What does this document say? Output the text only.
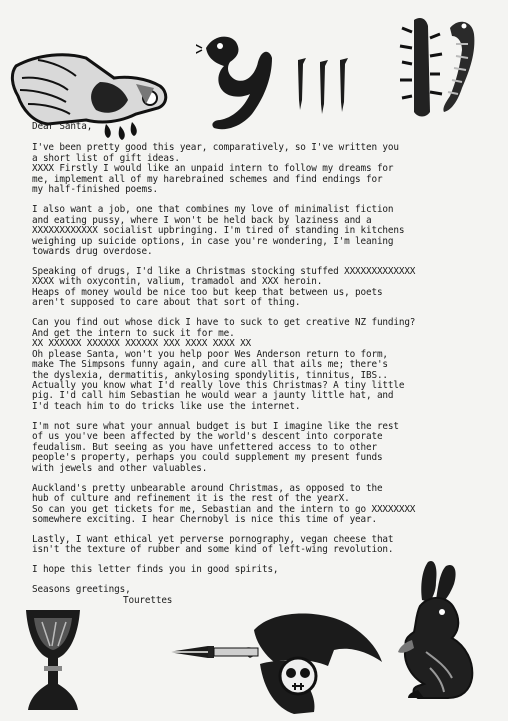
Dear Santa,

I've been pretty good this year, comparatively, so I've written you
a short list of gift ideas.
XXXX Firstly I would like an unpaid intern to follow my dreams for
me, implement all of my harebrained schemes and find endings for
my half-finished poems.

I also want a job, one that combines my love of minimalist fiction
and eating pussy, where I won't be held back by laziness and a
XXXXXXXXXXXX socialist upbringing. I'm tired of standing in kitchens
weighing up suicide options, in case you're wondering, I'm leaning
towards drug overdose.

Speaking of drugs, I'd like a Christmas stocking stuffed XXXXXXXXXXXXX
XXXX with oxycontin, valium, tramadol and XXX heroin.
Heaps of money would be nice too but keep that between us, poets
aren't supposed to care about that sort of thing.

Can you find out whose dick I have to suck to get creative NZ funding?
And get the intern to suck it for me.
XX XXXXXX XXXXXX XXXXXX XXX XXXX XXXX XX
Oh please Santa, won't you help poor Wes Anderson return to form,
make The Simpsons funny again, and cure all that ails me; there's
the dyslexia, dermatitis, ankylosing spondylitis, tinnitus, IBS..
Actually you know what I'd really love this Christmas? A tiny little
pig. I'd call him Sebastian he would wear a jaunty little hat, and
I'd teach him to do tricks like use the internet.

I'm not sure what your annual budget is but I imagine like the rest
of us you've been affected by the world's descent into corporate
feudalism. But seeing as you have unfettered access to to other
people's property, perhaps you could supplement my present funds
with jewels and other valuables.

Auckland's pretty unbearable around Christmas, as opposed to the
hub of culture and refinement it is the rest of the yearX.
So can you get tickets for me, Sebastian and the intern to go XXXXXXXX
somewhere exciting. I hear Chernobyl is nice this time of year.

Lastly, I want ethical yet perverse pornography, vegan cheese that
isn't the texture of rubber and some kind of left-wing revolution.

I hope this letter finds you in good spirits,

Seasons greetings,

Tourettes
